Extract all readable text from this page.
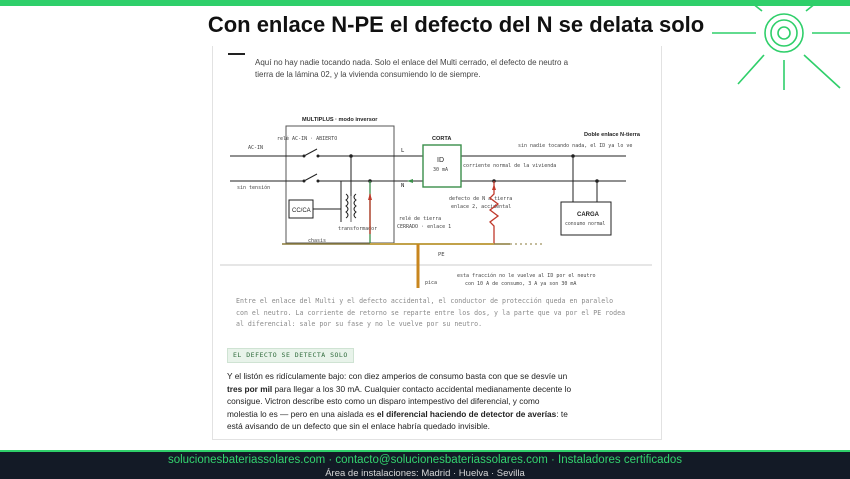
Con enlace N-PE el defecto del N se delata solo
Aquí no hay nadie tocando nada. Solo el enlace del Multi cerrado, el defecto de neutro a tierra de la lámina 02, y la vivienda consumiendo lo de siempre.
MULTIPLUS · modo inversor
relé AC-IN · ABIERTO
AC-IN
sin tensión
CC/CA
transformador
chasis
CORTA
ID
30 mA
L
N
corriente normal de la vivienda
Doble enlace N-tierra
sin nadie tocando nada, el ID ya lo ve
CARGA
consumo normal
defecto de N a tierra
enlace 2, accidental
relé de tierra
CERRADO · enlace 1
PE
pica
esta fracción no le vuelve al ID por el neutro
con 10 A de consumo, 3 A ya son 30 mA
Entre el enlace del Multi y el defecto accidental, el conductor de protección queda en paralelo con el neutro. La corriente de retorno se reparte entre los dos, y la parte que va por el PE rodea al diferencial: sale por su fase y no le vuelve por su neutro.
EL DEFECTO SE DETECTA SOLO
Y el listón es ridículamente bajo: con diez amperios de consumo basta con que se desvíe un tres por mil para llegar a los 30 mA. Cualquier contacto accidental medianamente decente lo consigue. Victron describe esto como un disparo intempestivo del diferencial, y como molestia lo es — pero en una aislada es el diferencial haciendo de detector de averías: te está avisando de un defecto que sin el enlace habría quedado invisible.
solucionesbateriassolares.com · contacto@solucionesbateriassolares.com · Instaladores certificados
Área de instalaciones: Madrid · Huelva · Sevilla
